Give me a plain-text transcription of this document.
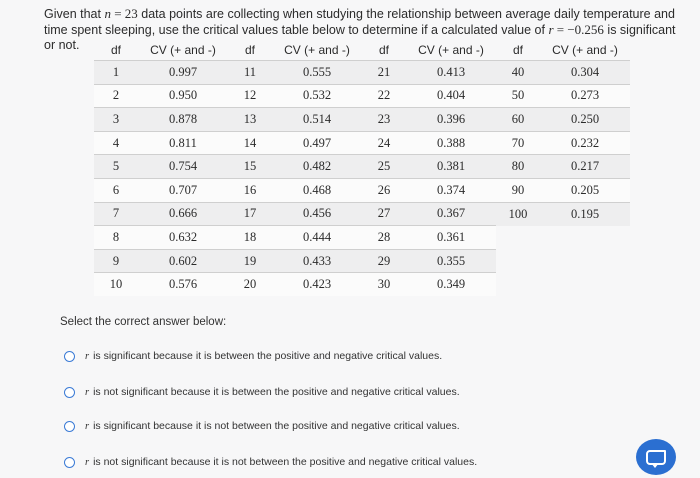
Given that n = 23 data points are collecting when studying the relationship between average daily temperature and time spent sleeping, use the critical values table below to determine if a calculated value of r = −0.256 is significant or not.	df	CV (+ and -)	df	CV (+ and -)	df	CV (+ and -)	df	CV (+ and -)
1	0.997	11	0.555	21	0.413	40	0.304
2	0.950	12	0.532	22	0.404	50	0.273
3	0.878	13	0.514	23	0.396	60	0.250
4	0.811	14	0.497	24	0.388	70	0.232
5	0.754	15	0.482	25	0.381	80	0.217
6	0.707	16	0.468	26	0.374	90	0.205
7	0.666	17	0.456	27	0.367	100	0.195
8	0.632	18	0.444	28	0.361		
9	0.602	19	0.433	29	0.355		
10	0.576	20	0.423	30	0.349		
Select the correct answer below:
r is significant because it is between the positive and negative critical values.
r is not significant because it is between the positive and negative critical values.
r is significant because it is not between the positive and negative critical values.
r is not significant because it is not between the positive and negative critical values.
